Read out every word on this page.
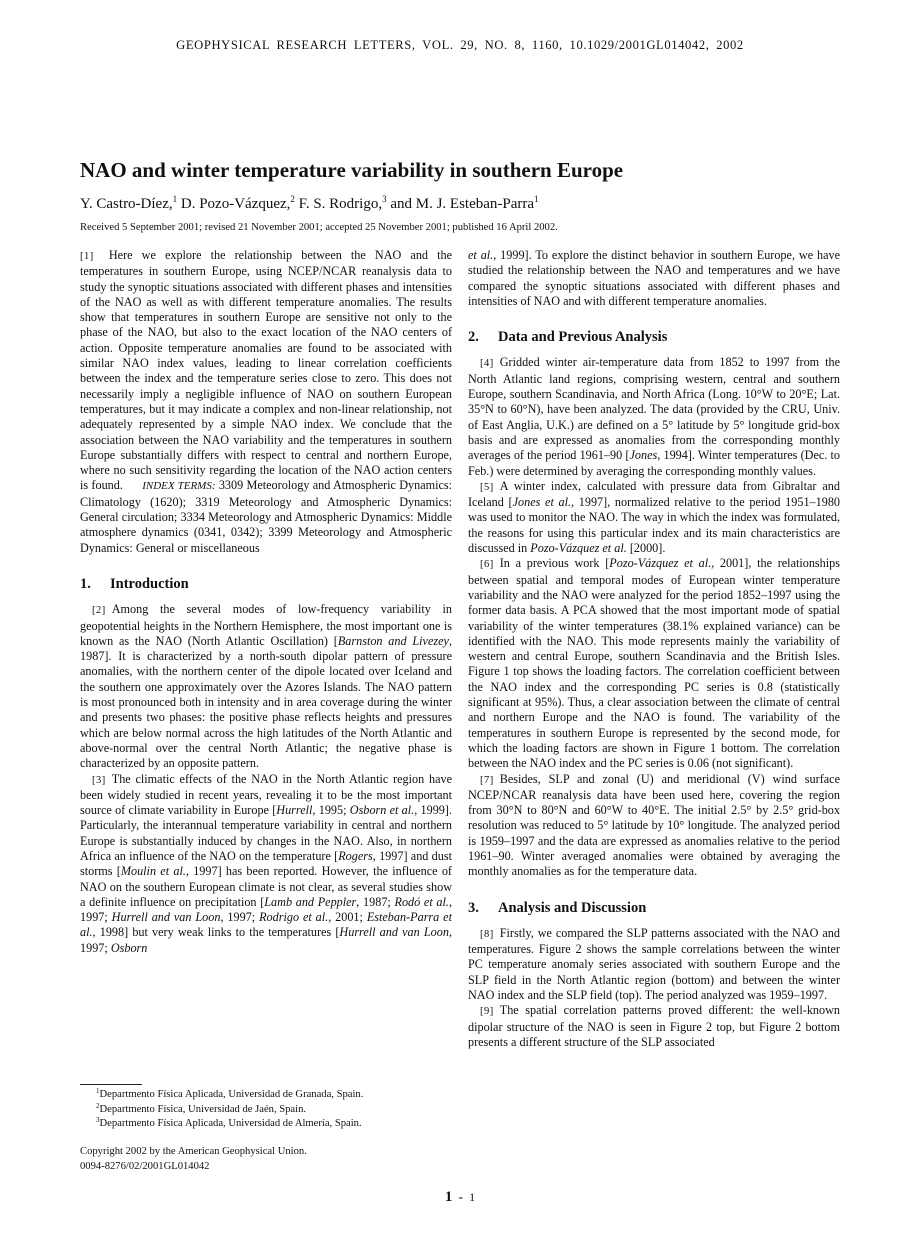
GEOPHYSICAL RESEARCH LETTERS, VOL. 29, NO. 8, 1160, 10.1029/2001GL014042, 2002
NAO and winter temperature variability in southern Europe
Y. Castro-Díez,$^1$ D. Pozo-Vázquez,$^2$ F. S. Rodrigo,$^3$ and M. J. Esteban-Parra$^1$
Received 5 September 2001; revised 21 November 2001; accepted 25 November 2001; published 16 April 2002.

[1] Here we explore the relationship between the NAO and the temperatures in southern Europe, using NCEP/NCAR reanalysis data to study the synoptic situations associated with different phases and intensities of the NAO as well as with different temperature anomalies. The results show that temperatures in southern Europe are sensitive not only to the phase of the NAO, but also to the exact location of the NAO centers of action. Opposite temperature anomalies are found to be associated with similar NAO index values, leading to linear correlation coefficients between the index and the temperature series close to zero. This does not necessarily imply a negligible influence of NAO on southern European temperatures, but it may indicate a complex and non-linear relationship, not adequately represented by a simple NAO index. We conclude that the association between the NAO variability and the temperatures in southern Europe substantially differs with respect to central and northern Europe, where no such sensitivity regarding the location of the NAO action centers is found. INDEX TERMS: 3309 Meteorology and Atmospheric Dynamics: Climatology (1620); 3319 Meteorology and Atmospheric Dynamics: General circulation; 3334 Meteorology and Atmospheric Dynamics: Middle atmosphere dynamics (0341, 0342); 3399 Meteorology and Atmospheric Dynamics: General or miscellaneous

1. Introduction

[2] Among the several modes of low-frequency variability in geopotential heights in the Northern Hemisphere, the most important one is known as the NAO (North Atlantic Oscillation) [Barnston and Livezey, 1987]. It is characterized by a north-south dipolar pattern of pressure anomalies, with the northern center of the dipole located over Iceland and the southern one approximately over the Azores Islands. The NAO pattern is most pronounced both in intensity and in area coverage during the winter and presents two phases: the positive phase reflects heights and pressures which are below normal across the high latitudes of the North Atlantic and above-normal over the central North Atlantic; the negative phase is characterized by an opposite pattern.

[3] The climatic effects of the NAO in the North Atlantic region have been widely studied in recent years, revealing it to be the most important source of climate variability in Europe [Hurrell, 1995; Osborn et al., 1999]. Particularly, the interannual temperature variability in central and northern Europe is substantially induced by changes in the NAO. Also, in northern Africa an influence of the NAO on the temperature [Rogers, 1997] and dust storms [Moulin et al., 1997] has been reported. However, the influence of NAO on the southern European climate is not clear, as several studies show a definite influence on precipitation [Lamb and Peppler, 1987; Rodó et al., 1997; Hurrell and van Loon, 1997; Rodrigo et al., 2001; Esteban-Parra et al., 1998] but very weak links to the temperatures [Hurrell and van Loon, 1997; Osborn

et al., 1999]. To explore the distinct behavior in southern Europe, we have studied the relationship between the NAO and temperatures and we have compared the synoptic situations associated with different phases and intensities of NAO and with different temperature anomalies.

2. Data and Previous Analysis

[4] Gridded winter air-temperature data from 1852 to 1997 from the North Atlantic land regions, comprising western, central and southern Europe, southern Scandinavia, and North Africa (Long. 10°W to 20°E; Lat. 35°N to 60°N), have been analyzed. The data (provided by the CRU, Univ. of East Anglia, U.K.) are defined on a 5° latitude by 5° longitude grid-box basis and are expressed as anomalies from the corresponding monthly averages of the period 1961–90 [Jones, 1994]. Winter temperatures (Dec. to Feb.) were determined by averaging the corresponding monthly values.

[5] A winter index, calculated with pressure data from Gibraltar and Iceland [Jones et al., 1997], normalized relative to the period 1951–1980 was used to monitor the NAO. The way in which the index was formulated, the reasons for using this particular index and its main characteristics are discussed in Pozo-Vázquez et al. [2000].

[6] In a previous work [Pozo-Vázquez et al., 2001], the relationships between spatial and temporal modes of European winter temperature variability and the NAO were analyzed for the period 1852–1997 using the former data basis. A PCA showed that the most important mode of spatial variability of the winter temperatures (38.1% explained variance) can be identified with the NAO. This mode represents mainly the variability of western and central Europe, southern Scandinavia and the British Isles. Figure 1 top shows the loading factors. The correlation coefficient between the NAO index and the corresponding PC series is 0.8 (statistically significant at 95%). Thus, a clear association between the climate of central and northern Europe and the NAO is found. The variability of the temperatures in southern Europe is represented by the second mode, for which the loading factors are shown in Figure 1 bottom. The correlation between the NAO index and the PC series is 0.06 (not significant).

[7] Besides, SLP and zonal (U) and meridional (V) wind surface NCEP/NCAR reanalysis data have been used here, covering the region from 30°N to 80°N and 60°W to 40°E. The initial 2.5° by 2.5° grid-box resolution was reduced to 5° latitude by 10° longitude. The analyzed period is 1959–1997 and the data are expressed as anomalies relative to the period 1961–90. Winter averaged anomalies were obtained by averaging the monthly anomalies as for the temperature data.

3. Analysis and Discussion

[8] Firstly, we compared the SLP patterns associated with the NAO and temperatures. Figure 2 shows the sample correlations between the winter PC temperature anomaly series associated with southern Europe and the SLP field in the North Atlantic region (bottom) and between the winter NAO index and the SLP field (top). The period analyzed was 1959–1997.

[9] The spatial correlation patterns proved different: the well-known dipolar structure of the NAO is seen in Figure 2 top, but Figure 2 bottom presents a different structure of the SLP associated

$^1$Departmento Física Aplicada, Universidad de Granada, Spain.
$^2$Departmento Física, Universidad de Jaén, Spain.
$^3$Departmento Física Aplicada, Universidad de Almería, Spain.
Copyright 2002 by the American Geophysical Union.
0094-8276/02/2001GL014042
1 - 1
